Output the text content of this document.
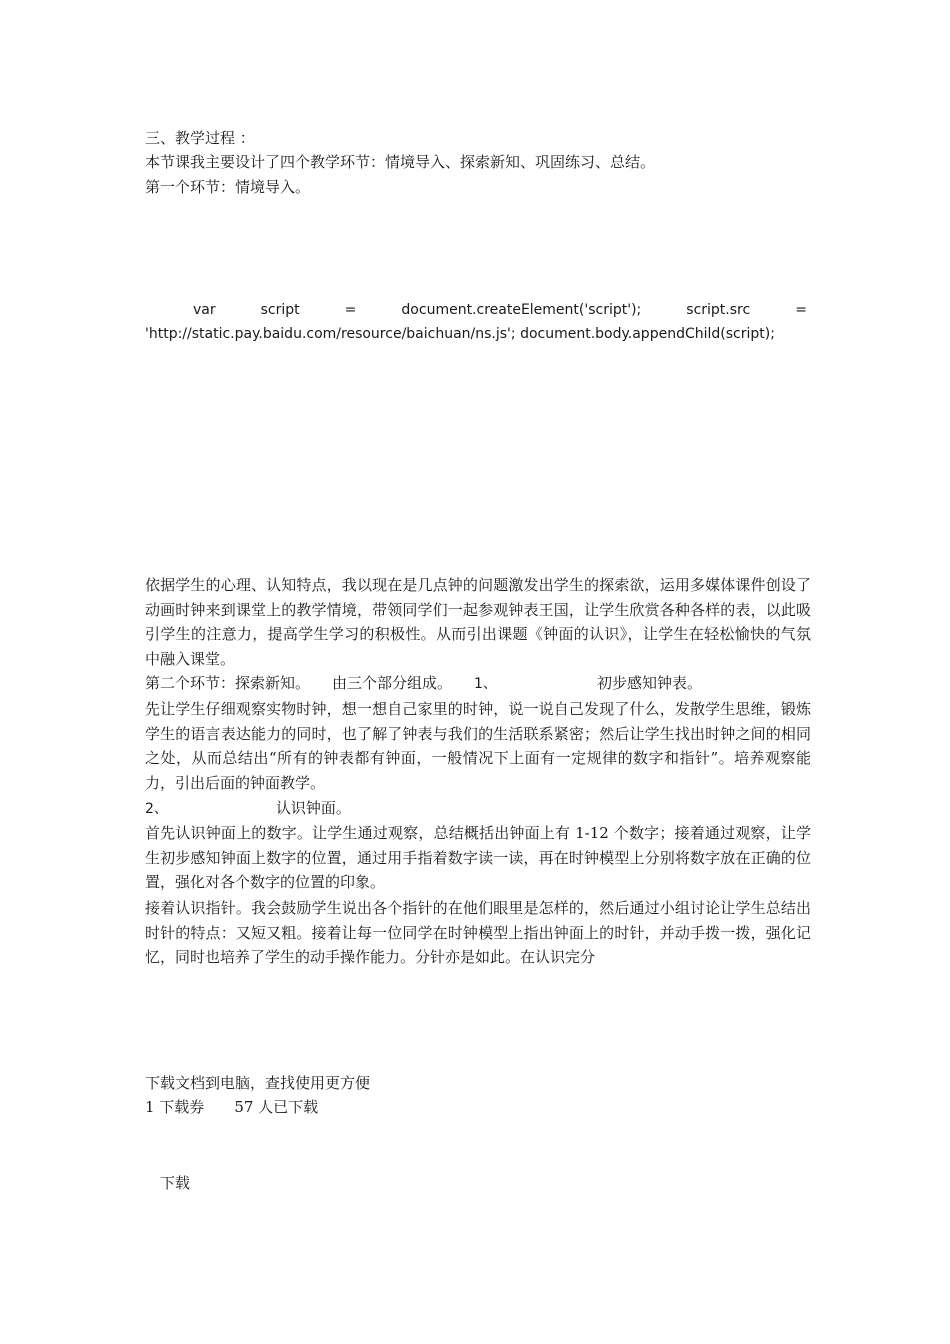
三、教学过程 ：
本节课我主要设计了四个教学环节：情境导入、探索新知、巩固练习、总结。
第一个环节：情境导入。
var	script	=	document.createElement('script');	script.src	=
'http://static.pay.baidu.com/resource/baichuan/ns.js'; document.body.appendChild(script);
依据学生的心理、认知特点，我以现在是几点钟的问题激发出学生的探索欲，运用多媒体课件创设了动画时钟来到课堂上的教学情境，带领同学们一起参观钟表王国，让学生欣赏各种各样的表，以此吸引学生的注意力，提高学生学习的积极性。从而引出课题《钟面的认识》，让学生在轻松愉快的气氛中融入课堂。
第二个环节：探索新知。 由三个部分组成。 1、	初步感知钟表。
先让学生仔细观察实物时钟，想一想自己家里的时钟，说一说自己发现了什么，发散学生思维，锻炼学生的语言表达能力的同时，也了解了钟表与我们的生活联系紧密；然后让学生找出时钟之间的相同之处，从而总结出“所有的钟表都有钟面，一般情况下上面有一定规律的数字和指针”。培养观察能力，引出后面的钟面教学。
2、	认识钟面。
首先认识钟面上的数字。让学生通过观察，总结概括出钟面上有 1-12 个数字；接着通过观察，让学生初步感知钟面上数字的位置，通过用手指着数字读一读，再在时钟模型上分别将数字放在正确的位置，强化对各个数字的位置的印象。
接着认识指针。我会鼓励学生说出各个指针的在他们眼里是怎样的，然后通过小组讨论让学生总结出时针的特点：又短又粗。接着让每一位同学在时钟模型上指出钟面上的时针，并动手拨一拨，强化记忆，同时也培养了学生的动手操作能力。分针亦是如此。在认识完分
下载文档到电脑，查找使用更方便
1 下载券 57 人已下载
下载
